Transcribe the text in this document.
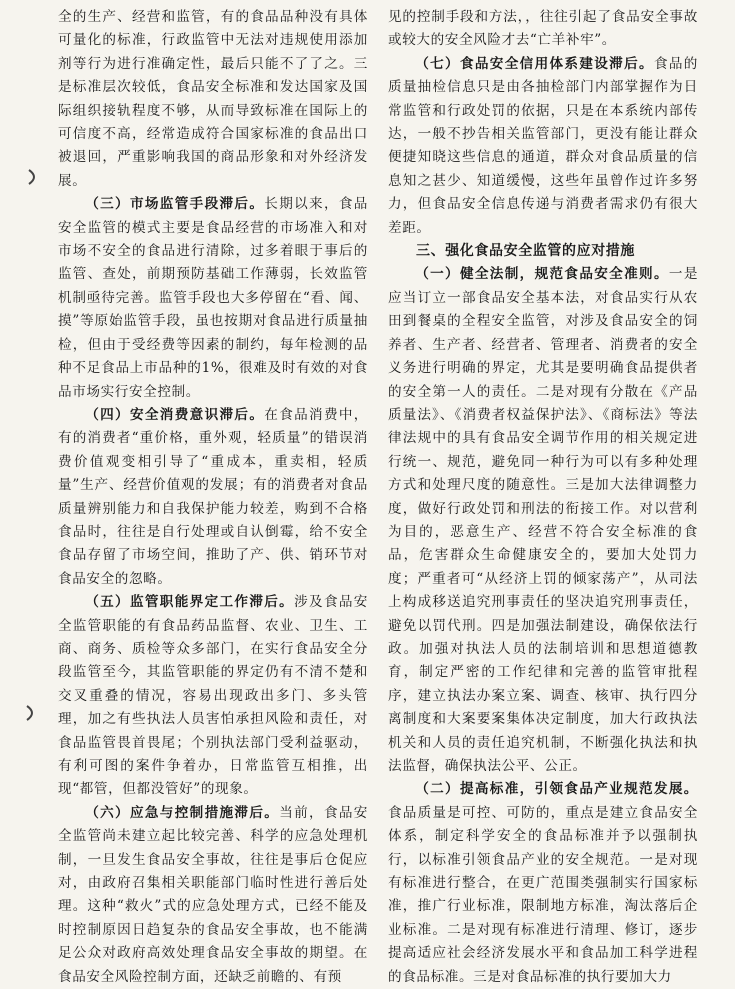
全的生产、经营和监管，有的食品品种没有具体可量化的标准，行政监管中无法对违规使用添加剂等行为进行准确定性，最后只能不了了之。三是标准层次较低，食品安全标准和发达国家及国际组织接轨程度不够，从而导致标准在国际上的可信度不高，经常造成符合国家标准的食品出口被退回，严重影响我国的商品形象和对外经济发展。

（三）市场监管手段滞后。长期以来，食品安全监管的模式主要是食品经营的市场准入和对市场不安全的食品进行清除，过多着眼于事后的监管、查处，前期预防基础工作薄弱，长效监管机制亟待完善。监管手段也大多停留在“看、闻、摸”等原始监管手段，虽也按期对食品进行质量抽检，但由于受经费等因素的制约，每年检测的品种不足食品上市品种的1%，很难及时有效的对食品市场实行安全控制。

（四）安全消费意识滞后。在食品消费中，有的消费者“重价格，重外观，轻质量”的错误消费价值观变相引导了“重成本，重卖相，轻质量”生产、经营价值观的发展；有的消费者对食品质量辨别能力和自我保护能力较差，购到不合格食品时，往往是自行处理或自认倒霉，给不安全食品存留了市场空间，推助了产、供、销环节对食品安全的忽略。

（五）监管职能界定工作滞后。涉及食品安全监管职能的有食品药品监督、农业、卫生、工商、商务、质检等众多部门，在实行食品安全分段监管至今，其监管职能的界定仍有不清不楚和交叉重叠的情况，容易出现政出多门、多头管理，加之有些执法人员害怕承担风险和责任，对食品监管畏首畏尾；个别执法部门受利益驱动，有利可图的案件争着办，日常监管互相推，出现“都管，但都没管好”的现象。

（六）应急与控制措施滞后。当前，食品安全监管尚未建立起比较完善、科学的应急处理机制，一旦发生食品安全事故，往往是事后仓促应对，由政府召集相关职能部门临时性进行善后处理。这种“救火”式的应急处理方式，已经不能及时控制原因日趋复杂的食品安全事故，也不能满足公众对政府高效处理食品安全事故的期望。在食品安全风险控制方面，还缺乏前瞻的、有预

见的控制手段和方法，，往往引起了食品安全事故或较大的安全风险才去“亡羊补牢”。

（七）食品安全信用体系建设滞后。食品的质量抽检信息只是由各抽检部门内部掌握作为日常监管和行政处罚的依据，只是在本系统内部传达，一般不抄告相关监管部门，更没有能让群众便捷知晓这些信息的通道，群众对食品质量的信息知之甚少、知道缓慢，这些年虽曾作过许多努力，但食品安全信息传递与消费者需求仍有很大差距。

三、强化食品安全监管的应对措施

（一）健全法制，规范食品安全准则。一是应当订立一部食品安全基本法，对食品实行从农田到餐桌的全程安全监管，对涉及食品安全的饲养者、生产者、经营者、管理者、消费者的安全义务进行明确的界定，尤其是要明确食品提供者的安全第一人的责任。二是对现有分散在《产品质量法》、《消费者权益保护法》、《商标法》等法律法规中的具有食品安全调节作用的相关规定进行统一、规范，避免同一种行为可以有多种处理方式和处理尺度的随意性。三是加大法律调整力度，做好行政处罚和刑法的衔接工作。对以营利为目的，恶意生产、经营不符合安全标准的食品，危害群众生命健康安全的，要加大处罚力度；严重者可“从经济上罚的倾家荡产”，从司法上构成移送追究刑事责任的坚决追究刑事责任，避免以罚代刑。四是加强法制建设，确保依法行政。加强对执法人员的法制培训和思想道德教育，制定严密的工作纪律和完善的监管审批程序，建立执法办案立案、调查、核审、执行四分离制度和大案要案集体决定制度，加大行政执法机关和人员的责任追究机制，不断强化执法和执法监督，确保执法公平、公正。

（二）提高标准，引领食品产业规范发展。食品质量是可控、可防的，重点是建立食品安全体系，制定科学安全的食品标准并予以强制执行，以标准引领食品产业的安全规范。一是对现有标准进行整合，在更广范围类强制实行国家标准，推广行业标准，限制地方标准，淘汰落后企业标准。二是对现有标准进行清理、修订，逐步提高适应社会经济发展水平和食品加工科学进程的食品标准。三是对食品标准的执行要加大力
